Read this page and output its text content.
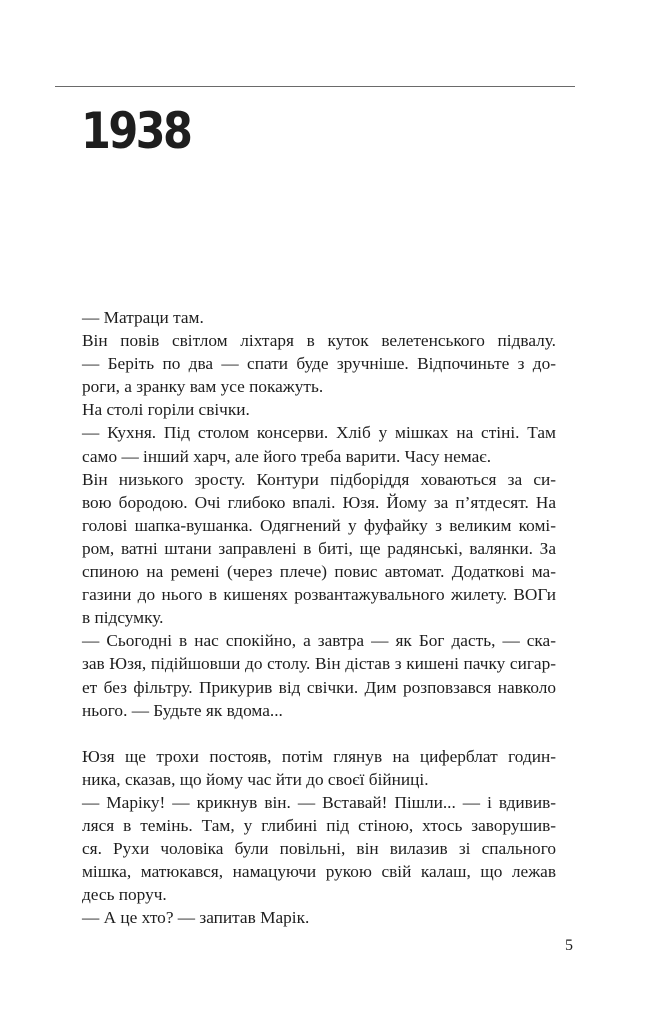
1938
— Матраци там.
Він повів світлом ліхтаря в куток велетенського підвалу.
— Беріть по два — спати буде зручніше. Відпочиньте з до-
роги, а зранку вам усе покажуть.
На столі горіли свічки.
— Кухня. Під столом консерви. Хліб у мішках на стіні. Там
само — інший харч, але його треба варити. Часу немає.
Він низького зросту. Контури підборіддя ховаються за си-
вою бородою. Очі глибоко впалі. Юзя. Йому за п’ятдесят. На
голові шапка-вушанка. Одягнений у фуфайку з великим комі-
ром, ватні штани заправлені в биті, ще радянські, валянки. За
спиною на ремені (через плече) повис автомат. Додаткові ма-
газини до нього в кишенях розвантажувального жилету. ВОГи
в підсумку.
— Сьогодні в нас спокійно, а завтра — як Бог дасть, — ска-
зав Юзя, підійшовши до столу. Він дістав з кишені пачку сигар-
ет без фільтру. Прикурив від свічки. Дим розповзався навколо
нього. — Будьте як вдома...
Юзя ще трохи постояв, потім глянув на циферблат годин-
ника, сказав, що йому час йти до своєї бійниці.
— Маріку! — крикнув він. — Вставай! Пішли... — і вдивив-
ляся в темінь. Там, у глибині під стіною, хтось заворушив-
ся. Рухи чоловіка були повільні, він вилазив зі спального
мішка, матюкався, намацуючи рукою свій калаш, що лежав
десь поруч.
— А це хто? — запитав Марік.
5
